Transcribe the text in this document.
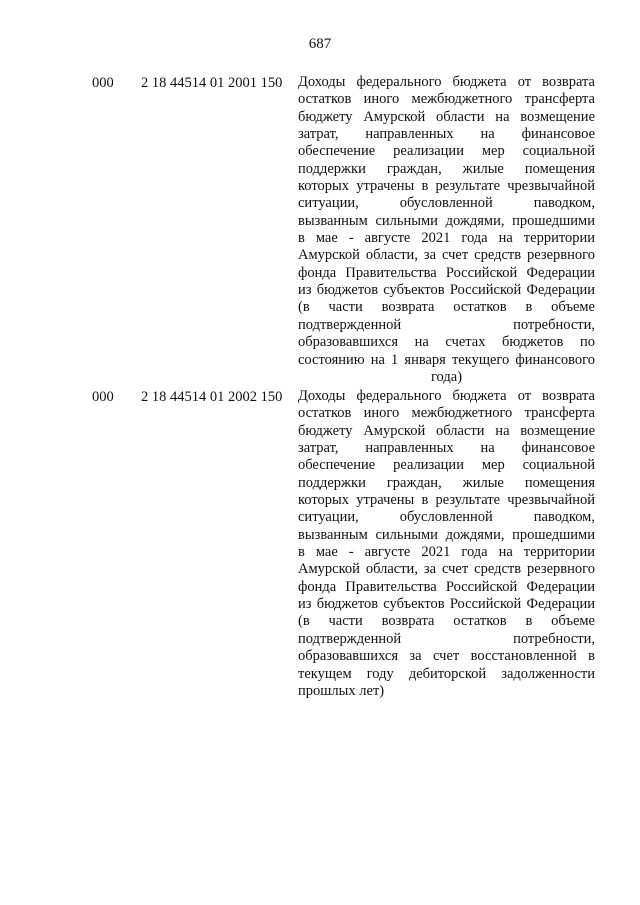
687
000 2 18 44514 01 2001 150 Доходы федерального бюджета от возврата
остатков иного межбюджетного трансферта
бюджету Амурской области на возмещение
затрат, направленных на финансовое
обеспечение реализации мер социальной
поддержки граждан, жилые помещения
которых утрачены в результате чрезвычайной
ситуации, обусловленной паводком,
вызванным сильными дождями, прошедшими
в мае - августе 2021 года на территории
Амурской области, за счет средств резервного
фонда Правительства Российской Федерации
из бюджетов субъектов Российской Федерации
(в части возврата остатков в объеме
подтвержденной потребности,
образовавшихся на счетах бюджетов по
состоянию на 1 января текущего финансового
года)
000 2 18 44514 01 2002 150 Доходы федерального бюджета от возврата
остатков иного межбюджетного трансферта
бюджету Амурской области на возмещение
затрат, направленных на финансовое
обеспечение реализации мер социальной
поддержки граждан, жилые помещения
которых утрачены в результате чрезвычайной
ситуации, обусловленной паводком,
вызванным сильными дождями, прошедшими
в мае - августе 2021 года на территории
Амурской области, за счет средств резервного
фонда Правительства Российской Федерации
из бюджетов субъектов Российской Федерации
(в части возврата остатков в объеме
подтвержденной потребности,
образовавшихся за счет восстановленной в
текущем году дебиторской задолженности
прошлых лет)
